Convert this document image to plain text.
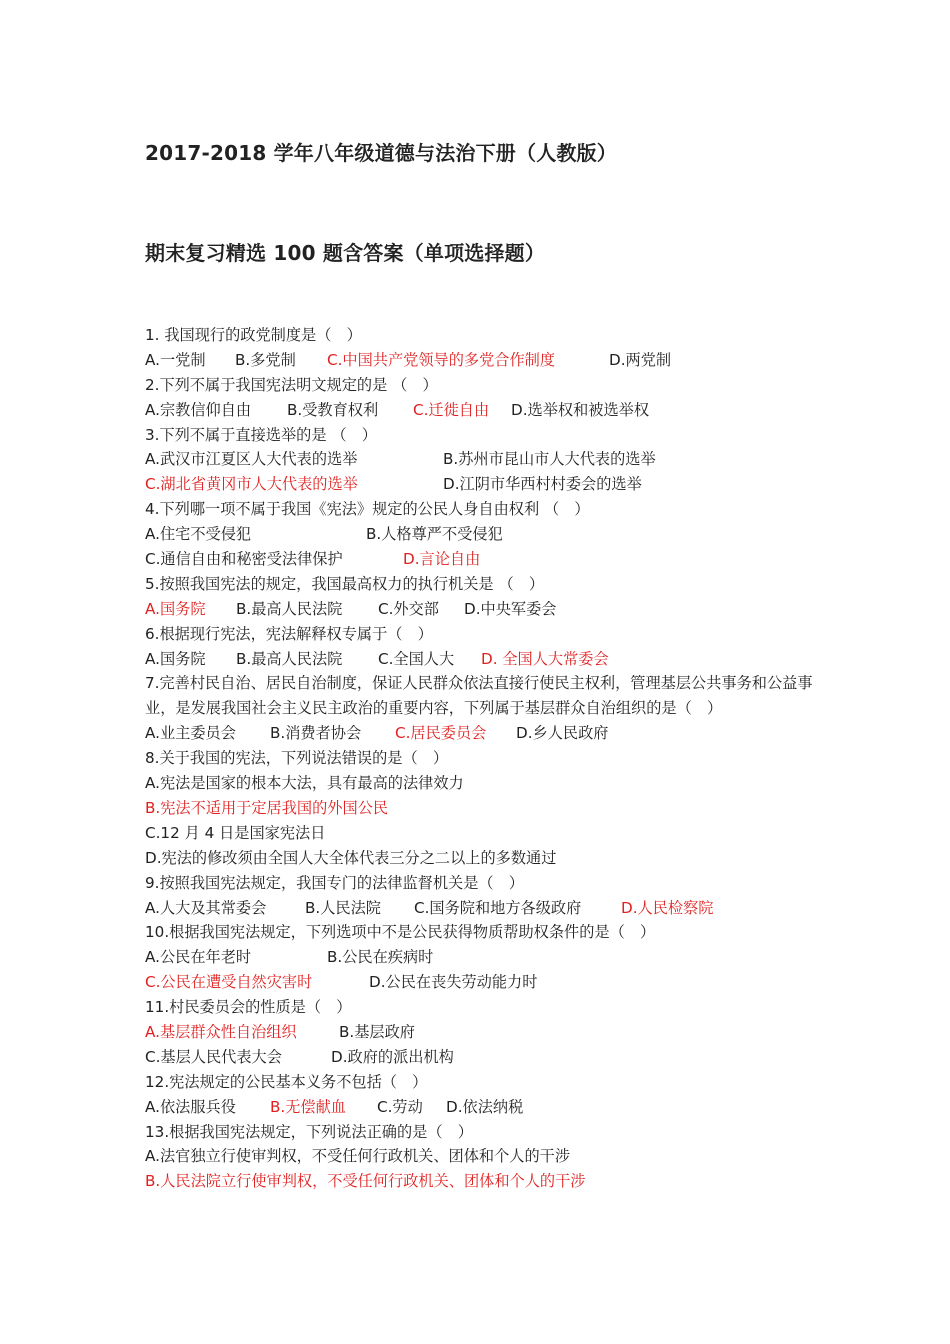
2017-2018 学年八年级道德与法治下册（人教版）
期末复习精选 100 题含答案（单项选择题）
1. 我国现行的政党制度是（　）
A.一党制 B.多党制 C.中国共产党领导的多党合作制度	D.两党制
2.下列不属于我国宪法明文规定的是 （　）
A.宗教信仰自由 B.受教育权利 C.迁徙自由 D.选举权和被选举权
3.下列不属于直接选举的是 （　）
A.武汉市江夏区人大代表的选举	B.苏州市昆山市人大代表的选举
C.湖北省黄冈市人大代表的选举	D.江阴市华西村村委会的选举
4.下列哪一项不属于我国《宪法》规定的公民人身自由权利 （　）
A.住宅不受侵犯	B.人格尊严不受侵犯
C.通信自由和秘密受法律保护	D.言论自由
5.按照我国宪法的规定，我国最高权力的执行机关是 （　）
A.国务院 B.最高人民法院 C.外交部 D.中央军委会
6.根据现行宪法，宪法解释权专属于（　）
A.国务院 B.最高人民法院 C.全国人大 D. 全国人大常委会
7.完善村民自治、居民自治制度，保证人民群众依法直接行使民主权利，管理基层公共事务和公益事业，是发展我国社会主义民主政治的重要内容，下列属于基层群众自治组织的是（　）
A.业主委员会 B.消费者协会 C.居民委员会 D.乡人民政府
8.关于我国的宪法，下列说法错误的是（　）
A.宪法是国家的根本大法，具有最高的法律效力
B.宪法不适用于定居我国的外国公民
C.12 月 4 日是国家宪法日
D.宪法的修改须由全国人大全体代表三分之二以上的多数通过
9.按照我国宪法规定，我国专门的法律监督机关是（　）
A.人大及其常委会	B.人民法院 C.国务院和地方各级政府	D.人民检察院
10.根据我国宪法规定，下列选项中不是公民获得物质帮助权条件的是（　）
A.公民在年老时	B.公民在疾病时
C.公民在遭受自然灾害时	D.公民在丧失劳动能力时
11.村民委员会的性质是（　）
A.基层群众性自治组织	B.基层政府
C.基层人民代表大会	D.政府的派出机构
12.宪法规定的公民基本义务不包括（　）
A.依法服兵役 B.无偿献血 C.劳动 D.依法纳税
13.根据我国宪法规定，下列说法正确的是（　）
A.法官独立行使审判权，不受任何行政机关、团体和个人的干涉
B.人民法院立行使审判权，不受任何行政机关、团体和个人的干涉
